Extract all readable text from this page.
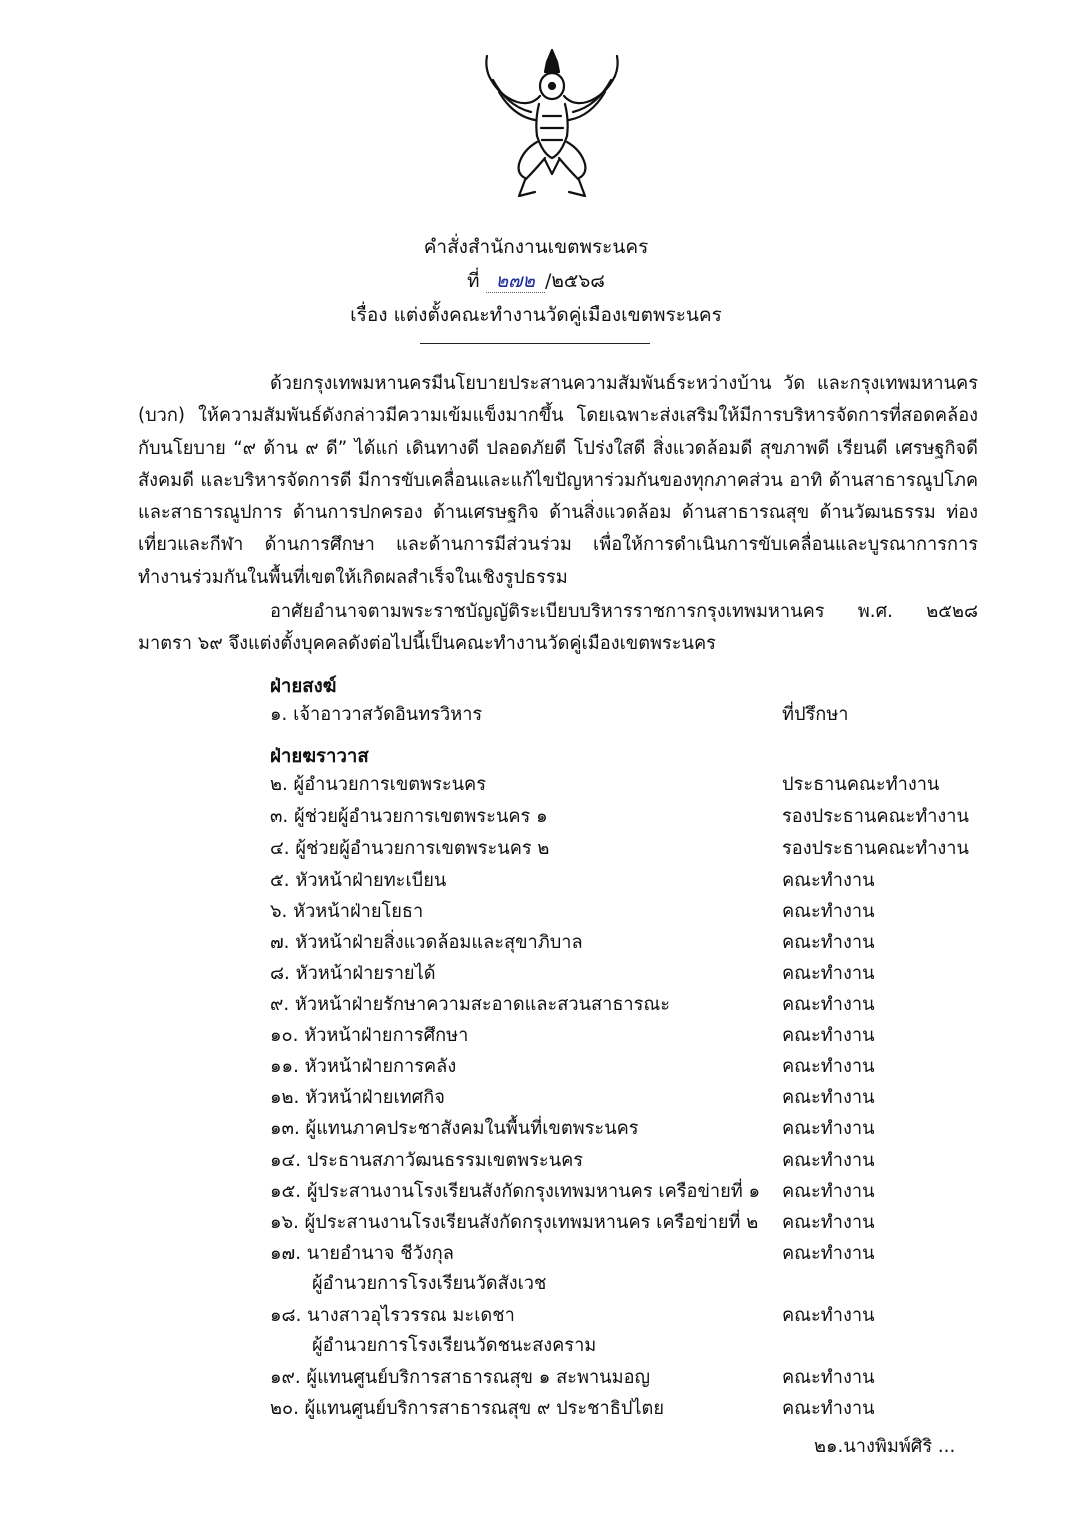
คำสั่งสำนักงานเขตพระนคร
ที่ ๒๗๒ /๒๕๖๘
เรื่อง แต่งตั้งคณะทำงานวัดคู่เมืองเขตพระนคร

ด้วยกรุงเทพมหานครมีนโยบายประสานความสัมพันธ์ระหว่างบ้าน วัด และกรุงเทพมหานคร (บวก) ให้ความสัมพันธ์ดังกล่าวมีความเข้มแข็งมากขึ้น โดยเฉพาะส่งเสริมให้มีการบริหารจัดการที่สอดคล้องกับนโยบาย “๙ ด้าน ๙ ดี” ได้แก่ เดินทางดี ปลอดภัยดี โปร่งใสดี สิ่งแวดล้อมดี สุขภาพดี เรียนดี เศรษฐกิจดี สังคมดี และบริหารจัดการดี มีการขับเคลื่อนและแก้ไขปัญหาร่วมกันของทุกภาคส่วน อาทิ ด้านสาธารณูปโภคและสาธารณูปการ ด้านการปกครอง ด้านเศรษฐกิจ ด้านสิ่งแวดล้อม ด้านสาธารณสุข ด้านวัฒนธรรม ท่องเที่ยวและกีฬา ด้านการศึกษา และด้านการมีส่วนร่วม เพื่อให้การดำเนินการขับเคลื่อนและบูรณาการการทำงานร่วมกันในพื้นที่เขตให้เกิดผลสำเร็จในเชิงรูปธรรม

อาศัยอำนาจตามพระราชบัญญัติระเบียบบริหารราชการกรุงเทพมหานคร พ.ศ. ๒๕๒๘ มาตรา ๖๙ จึงแต่งตั้งบุคคลดังต่อไปนี้เป็นคณะทำงานวัดคู่เมืองเขตพระนคร

ฝ่ายสงฆ์
ฝ่ายฆราวาส
๑. เจ้าอาวาสวัดอินทรวิหาร	ที่ปรึกษา
๒. ผู้อำนวยการเขตพระนคร	ประธานคณะทำงาน
๓. ผู้ช่วยผู้อำนวยการเขตพระนคร ๑	รองประธานคณะทำงาน
๔. ผู้ช่วยผู้อำนวยการเขตพระนคร ๒	รองประธานคณะทำงาน
๕. หัวหน้าฝ่ายทะเบียน	คณะทำงาน
๖. หัวหน้าฝ่ายโยธา	คณะทำงาน
๗. หัวหน้าฝ่ายสิ่งแวดล้อมและสุขาภิบาล	คณะทำงาน
๘. หัวหน้าฝ่ายรายได้	คณะทำงาน
๙. หัวหน้าฝ่ายรักษาความสะอาดและสวนสาธารณะ	คณะทำงาน
๑๐. หัวหน้าฝ่ายการศึกษา	คณะทำงาน
๑๑. หัวหน้าฝ่ายการคลัง	คณะทำงาน
๑๒. หัวหน้าฝ่ายเทศกิจ	คณะทำงาน
๑๓. ผู้แทนภาคประชาสังคมในพื้นที่เขตพระนคร	คณะทำงาน
๑๔. ประธานสภาวัฒนธรรมเขตพระนคร	คณะทำงาน
๑๕. ผู้ประสานงานโรงเรียนสังกัดกรุงเทพมหานคร เครือข่ายที่ ๑ คณะทำงาน
๑๖. ผู้ประสานงานโรงเรียนสังกัดกรุงเทพมหานคร เครือข่ายที่ ๒ คณะทำงาน
๑๗. นายอำนาจ ชีวังกุล	คณะทำงาน
ผู้อำนวยการโรงเรียนวัดสังเวช
๑๘. นางสาวอุไรวรรณ มะเดชา	คณะทำงาน
ผู้อำนวยการโรงเรียนวัดชนะสงคราม
๑๙. ผู้แทนศูนย์บริการสาธารณสุข ๑ สะพาน​มอญ	คณะทำงาน
๒๐. ผู้แทนศูนย์บริการสาธารณสุข ๙ ประชาธิปไตย	คณะทำงาน
๒๑.นางพิมพ์ศิริ ...
